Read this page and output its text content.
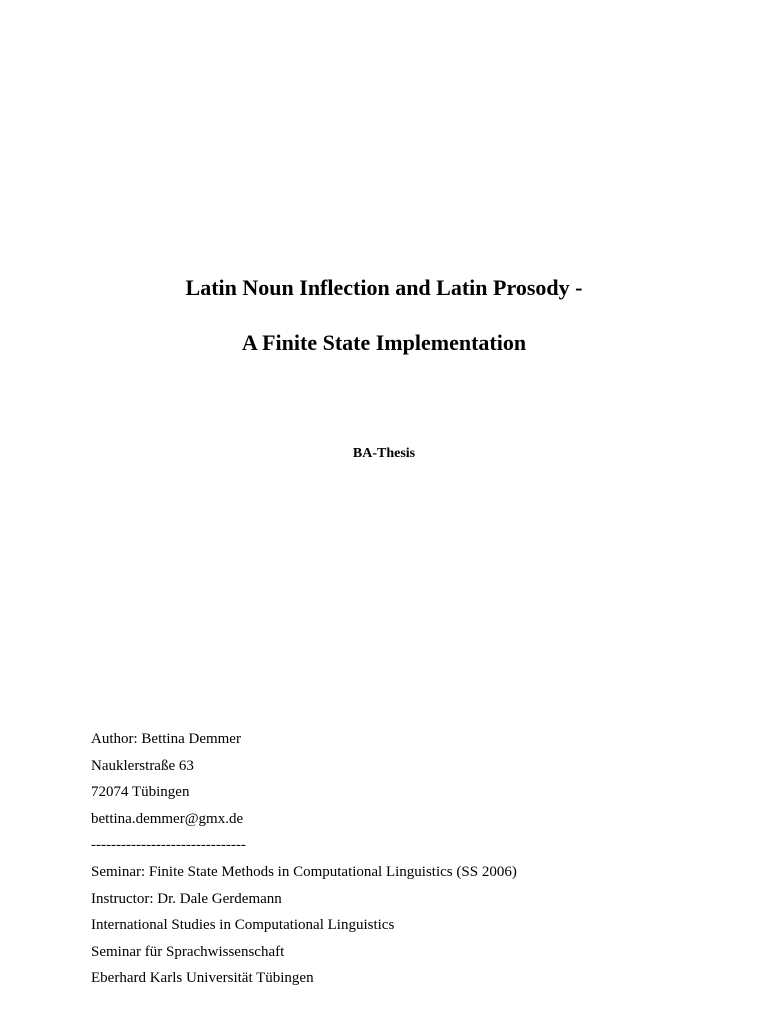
Latin Noun Inflection and Latin Prosody -
A Finite State Implementation
BA-Thesis
Author: Bettina Demmer
Nauklerstraße 63
72074 Tübingen
bettina.demmer@gmx.de
-------------------------------
Seminar: Finite State Methods in Computational Linguistics (SS 2006)
Instructor: Dr. Dale Gerdemann
International Studies in Computational Linguistics
Seminar für Sprachwissenschaft
Eberhard Karls Universität Tübingen
